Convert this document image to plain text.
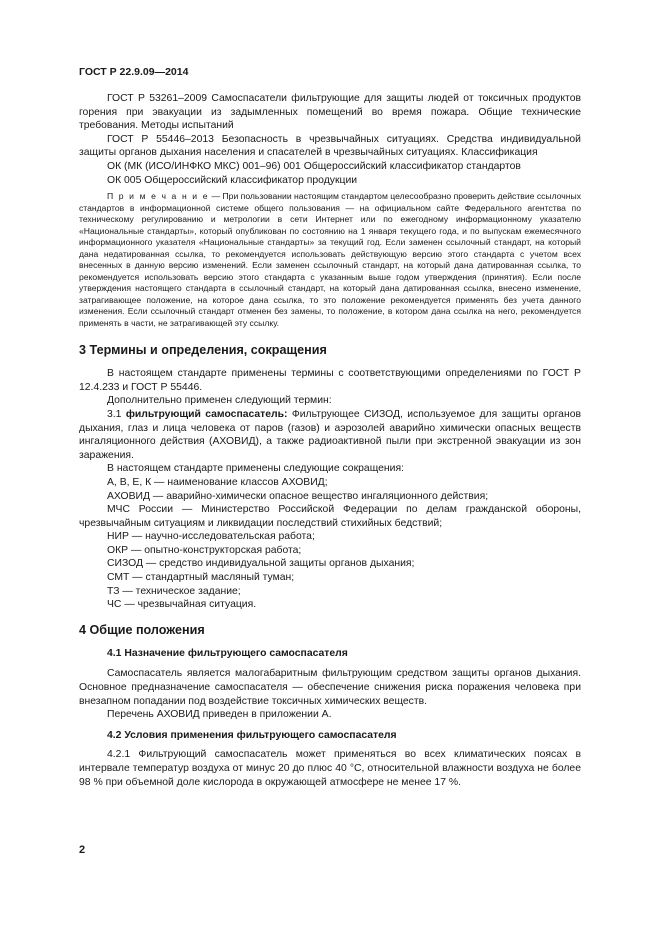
ГОСТ Р 22.9.09—2014

ГОСТ Р 53261–2009 Самоспасатели фильтрующие для защиты людей от токсичных продуктов горения при эвакуации из задымленных помещений во время пожара. Общие технические требования. Методы испытаний

ГОСТ Р 55446–2013 Безопасность в чрезвычайных ситуациях. Средства индивидуальной защиты органов дыхания населения и спасателей в чрезвычайных ситуациях. Классификация

ОК (МК (ИСО/ИНФКО МКС) 001–96) 001 Общероссийский классификатор стандартов

ОК 005 Общероссийский классификатор продукции

П р и м е ч а н и е — При пользовании настоящим стандартом целесообразно проверить действие ссылочных стандартов в информационной системе общего пользования — на официальном сайте Федерального агентства по техническому регулированию и метрологии в сети Интернет или по ежегодному информационному указателю «Национальные стандарты», который опубликован по состоянию на 1 января текущего года, и по выпускам ежемесячного информационного указателя «Национальные стандарты» за текущий год. Если заменен ссылочный стандарт, на который дана недатированная ссылка, то рекомендуется использовать действующую версию этого стандарта с учетом всех внесенных в данную версию изменений. Если заменен ссылочный стандарт, на который дана датированная ссылка, то рекомендуется использовать версию этого стандарта с указанным выше годом утверждения (принятия). Если после утверждения настоящего стандарта в ссылочный стандарт, на который дана датированная ссылка, внесено изменение, затрагивающее положение, на которое дана ссылка, то это положение рекомендуется применять без учета данного изменения. Если ссылочный стандарт отменен без замены, то положение, в котором дана ссылка на него, рекомендуется применять в части, не затрагивающей эту ссылку.

3 Термины и определения, сокращения

В настоящем стандарте применены термины с соответствующими определениями по ГОСТ Р 12.4.233 и ГОСТ Р 55446.

Дополнительно применен следующий термин:

3.1 фильтрующий самоспасатель: Фильтрующее СИЗОД, используемое для защиты органов дыхания, глаз и лица человека от паров (газов) и аэрозолей аварийно химически опасных веществ ингаляционного действия (АХОВИД), а также радиоактивной пыли при экстренной эвакуации из зон заражения.

В настоящем стандарте применены следующие сокращения:

А, В, Е, К — наименование классов АХОВИД;

АХОВИД — аварийно-химически опасное вещество ингаляционного действия;

МЧС России — Министерство Российской Федерации по делам гражданской обороны, чрезвычайным ситуациям и ликвидации последствий стихийных бедствий;

НИР — научно-исследовательская работа;

ОКР — опытно-конструкторская работа;

СИЗОД — средство индивидуальной защиты органов дыхания;

СМТ — стандартный масляный туман;

ТЗ — техническое задание;

ЧС — чрезвычайная ситуация.

4 Общие положения
4.1 Назначение фильтрующего самоспасателя

Самоспасатель является малогабаритным фильтрующим средством защиты органов дыхания. Основное предназначение самоспасателя — обеспечение снижения риска поражения человека при внезапном попадании под воздействие токсичных химических веществ.

Перечень АХОВИД приведен в приложении А.

4.2 Условия применения фильтрующего самоспасателя

4.2.1 Фильтрующий самоспасатель может применяться во всех климатических поясах в интервале температур воздуха от минус 20 до плюс 40 °С, относительной влажности воздуха не более 98 % при объемной доле кислорода в окружающей атмосфере не менее 17 %.

2
